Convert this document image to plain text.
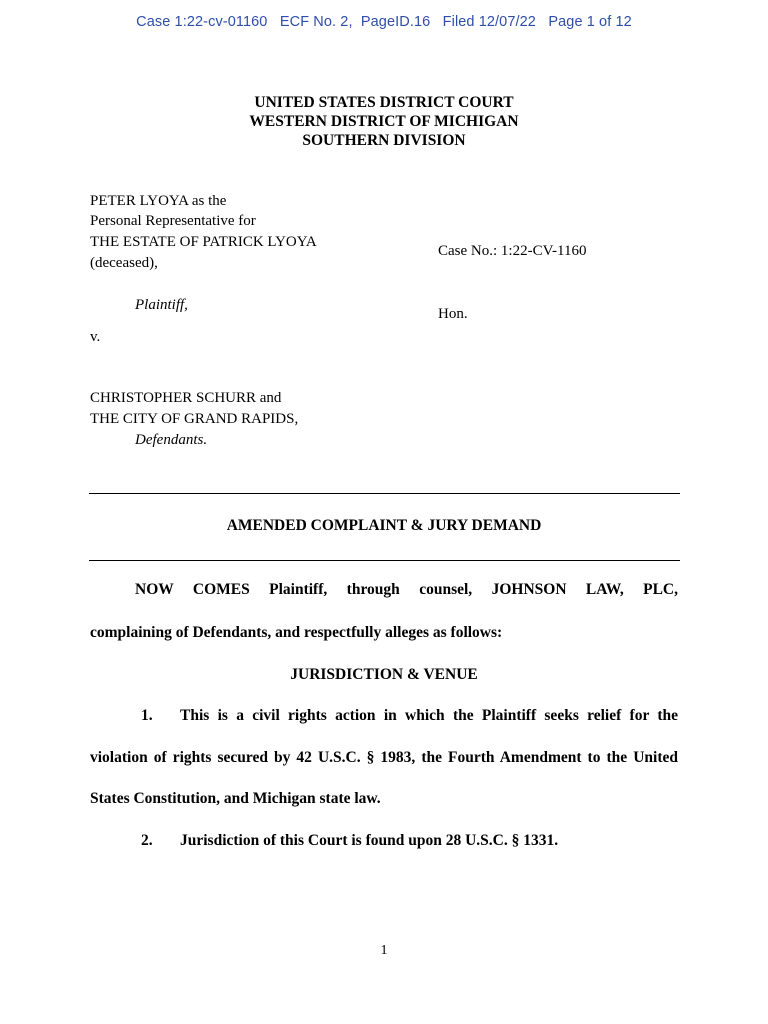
Case 1:22-cv-01160 ECF No. 2, PageID.16 Filed 12/07/22 Page 1 of 12
UNITED STATES DISTRICT COURT
WESTERN DISTRICT OF MICHIGAN
SOUTHERN DIVISION
PETER LYOYA as the
Personal Representative for
THE ESTATE OF PATRICK LYOYA
(deceased),
Plaintiff,
v.
CHRISTOPHER SCHURR and
THE CITY OF GRAND RAPIDS,
Defendants.
Case No.: 1:22-CV-1160
Hon.
AMENDED COMPLAINT & JURY DEMAND
NOW COMES Plaintiff, through counsel, JOHNSON LAW, PLC,
complaining of Defendants, and respectfully alleges as follows:
JURISDICTION & VENUE
1. This is a civil rights action in which the Plaintiff seeks relief for the
violation of rights secured by 42 U.S.C. § 1983, the Fourth Amendment to the United
States Constitution, and Michigan state law.
2. Jurisdiction of this Court is found upon 28 U.S.C. § 1331.
1
